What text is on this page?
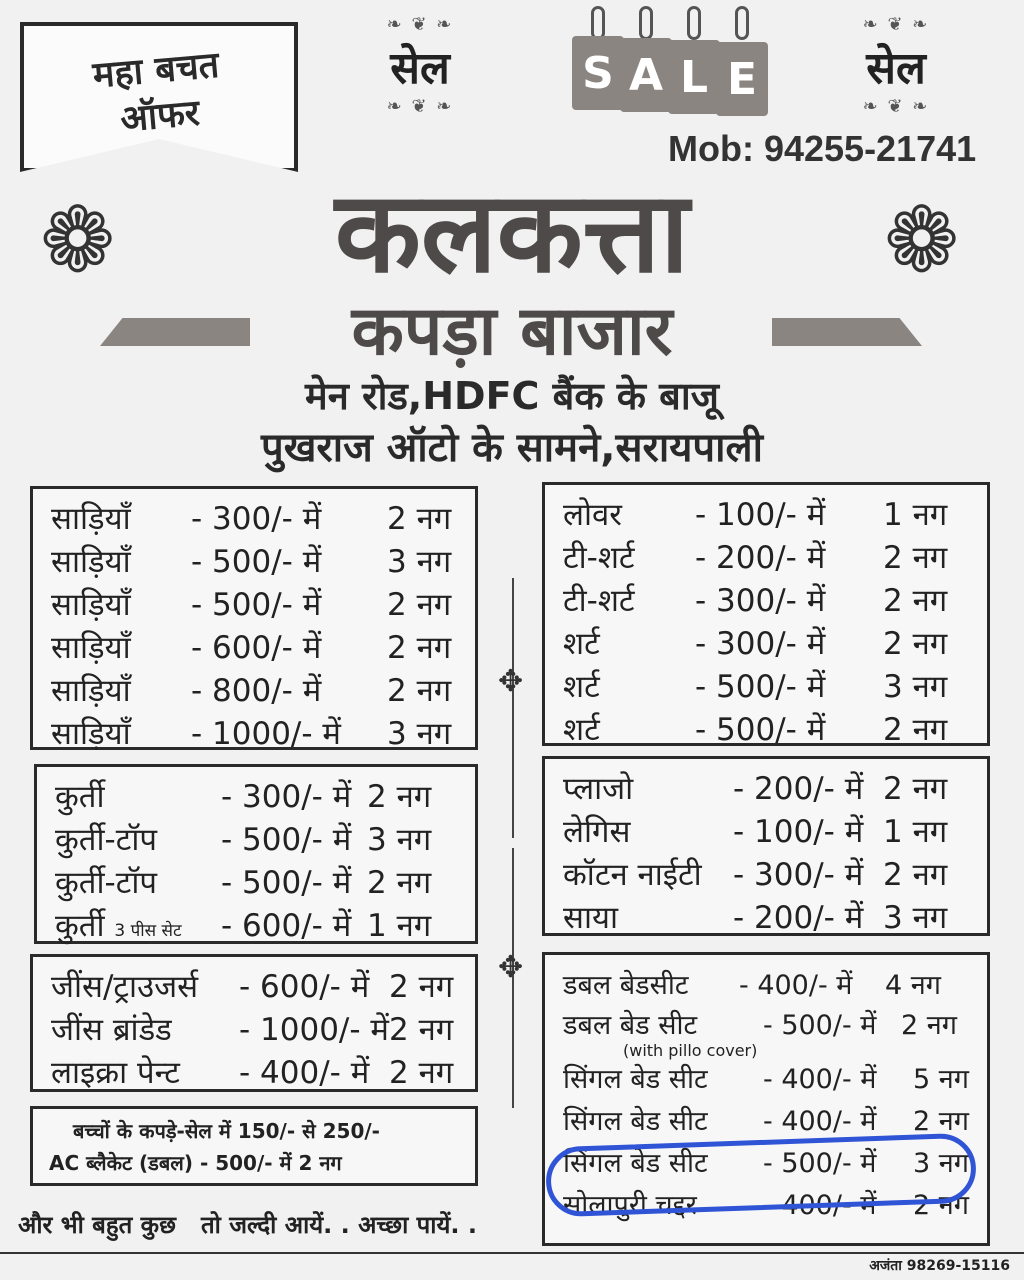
महा बचत
ऑफर
❧ ❦ ❧
सेल
❧ ❦ ❧
S A L E
❧ ❦ ❧
सेल
❧ ❦ ❧
Mob: 94255-21741
❁	❁
कलकत्ता
कपड़ा बाजार
मेन रोड,HDFC बैंक के बाजू
पुखराज ऑटो के सामने,सरायपाली
✥
✥
साड़ियाँ	- 300/- में	2 नग
साड़ियाँ	- 500/- में	3 नग
साड़ियाँ	- 500/- में	2 नग
साड़ियाँ	- 600/- में	2 नग
साड़ियाँ	- 800/- में	2 नग
साड़ियाँ	- 1000/- में	3 नग
लोवर	- 100/- में	1 नग
टी-शर्ट	- 200/- में	2 नग
टी-शर्ट	- 300/- में	2 नग
शर्ट	- 300/- में	2 नग
शर्ट	- 500/- में	3 नग
शर्ट	- 500/- में	2 नग
कुर्ती	- 300/- में 2 नग
कुर्ती-टॉप	- 500/- में 3 नग
कुर्ती-टॉप	- 500/- में 2 नग
कुर्ती 3 पीस सेट	- 600/- में 1 नग
प्लाजो	- 200/- में 2 नग
लेगिस	- 100/- में 1 नग
कॉटन नाईटी	- 300/- में 2 नग
साया	- 200/- में 3 नग
जींस/ट्राउजर्स	- 600/- में 2 नग
जींस ब्रांडेड	- 1000/- में 2 नग
लाइक्रा पेन्ट	- 400/- में 2 नग
डबल बेडसीट	- 400/- में	4 नग
डबल बेड सीट	- 500/- में 2 नग
(with pillo cover)
सिंगल बेड सीट	- 400/- में	5 नग
सिंगल बेड सीट	- 400/- में	2 नग
सिंगल बेड सीट	- 500/- में	3 नग
सोलापुरी चद्दर	- 400/- में	2 नग
बच्चों के कपड़े-सेल में 150/- से 250/-
AC ब्लैकेट (डबल) - 500/- में 2 नग
और भी बहुत कुछ   तो जल्दी आयें. . अच्छा पायें. .
अजंता 98269-15116
